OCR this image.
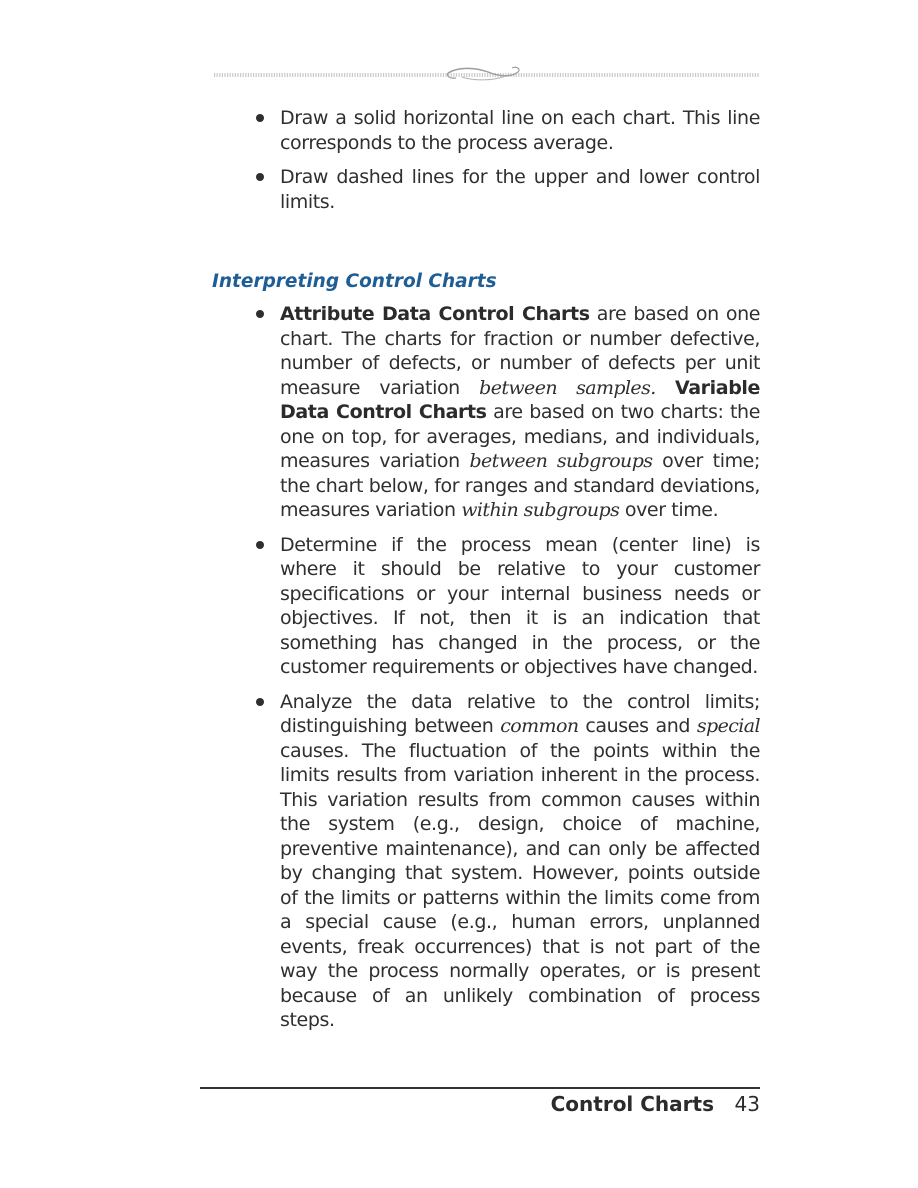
Draw a solid horizontal line on each chart. This line corresponds to the process average.
Draw dashed lines for the upper and lower control limits.
Interpreting Control Charts
Attribute Data Control Charts are based on one chart. The charts for fraction or number defective, number of defects, or number of defects per unit measure variation between samples. Variable Data Control Charts are based on two charts: the one on top, for averages, medians, and individuals, measures variation between subgroups over time; the chart below, for ranges and standard deviations, measures variation within subgroups over time.
Determine if the process mean (center line) is where it should be relative to your customer specifications or your internal business needs or objectives. If not, then it is an indication that something has changed in the process, or the customer requirements or objectives have changed.
Analyze the data relative to the control limits; distinguishing between common causes and special causes. The fluctuation of the points within the limits results from variation inherent in the process. This variation results from common causes within the system (e.g., design, choice of machine, preventive maintenance), and can only be affected by changing that system. However, points outside of the limits or patterns within the limits come from a special cause (e.g., human errors, unplanned events, freak occurrences) that is not part of the way the process normally operates, or is present because of an unlikely combination of process steps.
Control Charts 43
